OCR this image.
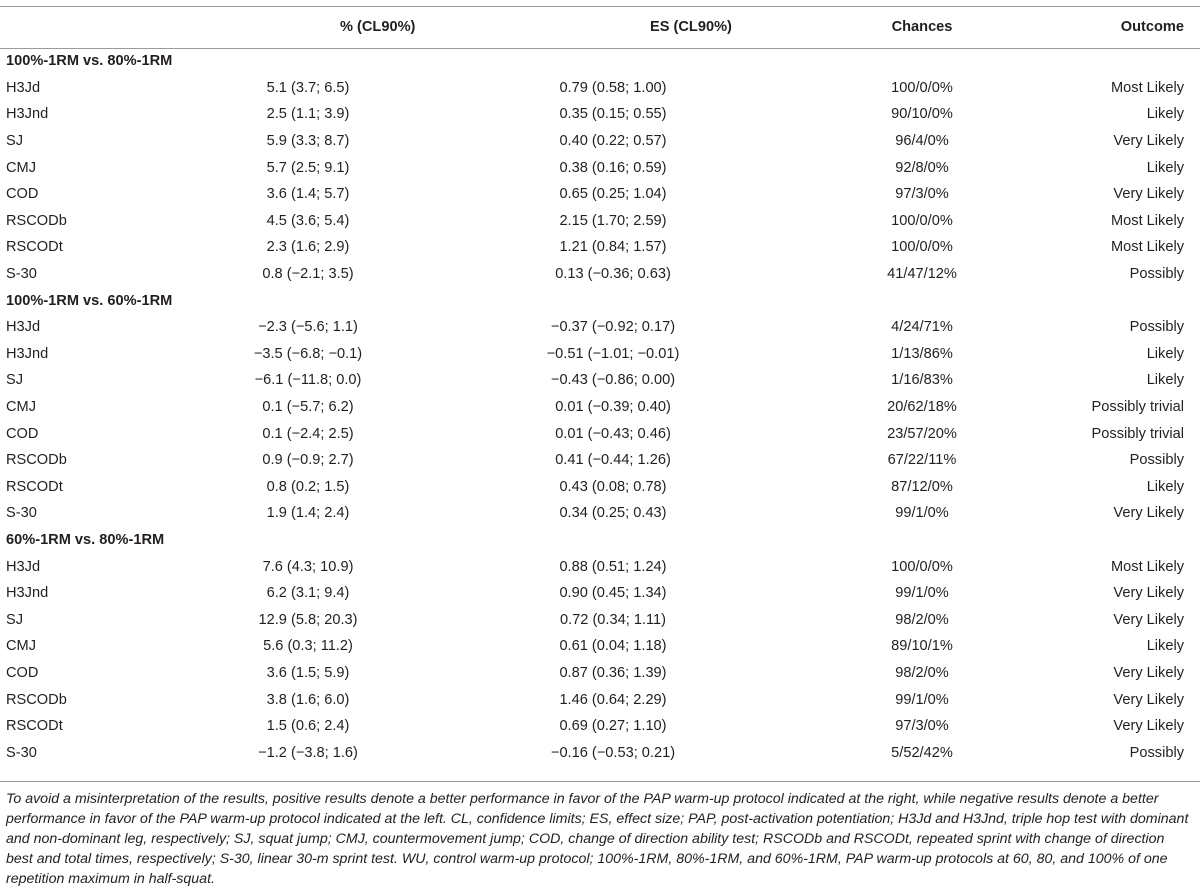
	% (CL90%)	ES (CL90%)	Chances	Outcome
100%-1RM vs. 80%-1RM				
H3Jd	5.1 (3.7; 6.5)	0.79 (0.58; 1.00)	100/0/0%	Most Likely
H3Jnd	2.5 (1.1; 3.9)	0.35 (0.15; 0.55)	90/10/0%	Likely
SJ	5.9 (3.3; 8.7)	0.40 (0.22; 0.57)	96/4/0%	Very Likely
CMJ	5.7 (2.5; 9.1)	0.38 (0.16; 0.59)	92/8/0%	Likely
COD	3.6 (1.4; 5.7)	0.65 (0.25; 1.04)	97/3/0%	Very Likely
RSCODb	4.5 (3.6; 5.4)	2.15 (1.70; 2.59)	100/0/0%	Most Likely
RSCODt	2.3 (1.6; 2.9)	1.21 (0.84; 1.57)	100/0/0%	Most Likely
S-30	0.8 (−2.1; 3.5)	0.13 (−0.36; 0.63)	41/47/12%	Possibly
100%-1RM vs. 60%-1RM				
H3Jd	−2.3 (−5.6; 1.1)	−0.37 (−0.92; 0.17)	4/24/71%	Possibly
H3Jnd	−3.5 (−6.8; −0.1)	−0.51 (−1.01; −0.01)	1/13/86%	Likely
SJ	−6.1 (−11.8; 0.0)	−0.43 (−0.86; 0.00)	1/16/83%	Likely
CMJ	0.1 (−5.7; 6.2)	0.01 (−0.39; 0.40)	20/62/18%	Possibly trivial
COD	0.1 (−2.4; 2.5)	0.01 (−0.43; 0.46)	23/57/20%	Possibly trivial
RSCODb	0.9 (−0.9; 2.7)	0.41 (−0.44; 1.26)	67/22/11%	Possibly
RSCODt	0.8 (0.2; 1.5)	0.43 (0.08; 0.78)	87/12/0%	Likely
S-30	1.9 (1.4; 2.4)	0.34 (0.25; 0.43)	99/1/0%	Very Likely
60%-1RM vs. 80%-1RM				
H3Jd	7.6 (4.3; 10.9)	0.88 (0.51; 1.24)	100/0/0%	Most Likely
H3Jnd	6.2 (3.1; 9.4)	0.90 (0.45; 1.34)	99/1/0%	Very Likely
SJ	12.9 (5.8; 20.3)	0.72 (0.34; 1.11)	98/2/0%	Very Likely
CMJ	5.6 (0.3; 11.2)	0.61 (0.04; 1.18)	89/10/1%	Likely
COD	3.6 (1.5; 5.9)	0.87 (0.36; 1.39)	98/2/0%	Very Likely
RSCODb	3.8 (1.6; 6.0)	1.46 (0.64; 2.29)	99/1/0%	Very Likely
RSCODt	1.5 (0.6; 2.4)	0.69 (0.27; 1.10)	97/3/0%	Very Likely
S-30	−1.2 (−3.8; 1.6)	−0.16 (−0.53; 0.21)	5/52/42%	Possibly
To avoid a misinterpretation of the results, positive results denote a better performance in favor of the PAP warm-up protocol indicated at the right, while negative results denote a better performance in favor of the PAP warm-up protocol indicated at the left. CL, confidence limits; ES, effect size; PAP, post-activation potentiation; H3Jd and H3Jnd, triple hop test with dominant and non-dominant leg, respectively; SJ, squat jump; CMJ, countermovement jump; COD, change of direction ability test; RSCODb and RSCODt, repeated sprint with change of direction best and total times, respectively; S-30, linear 30-m sprint test. WU, control warm-up protocol; 100%-1RM, 80%-1RM, and 60%-1RM, PAP warm-up protocols at 60, 80, and 100% of one repetition maximum in half-squat.
